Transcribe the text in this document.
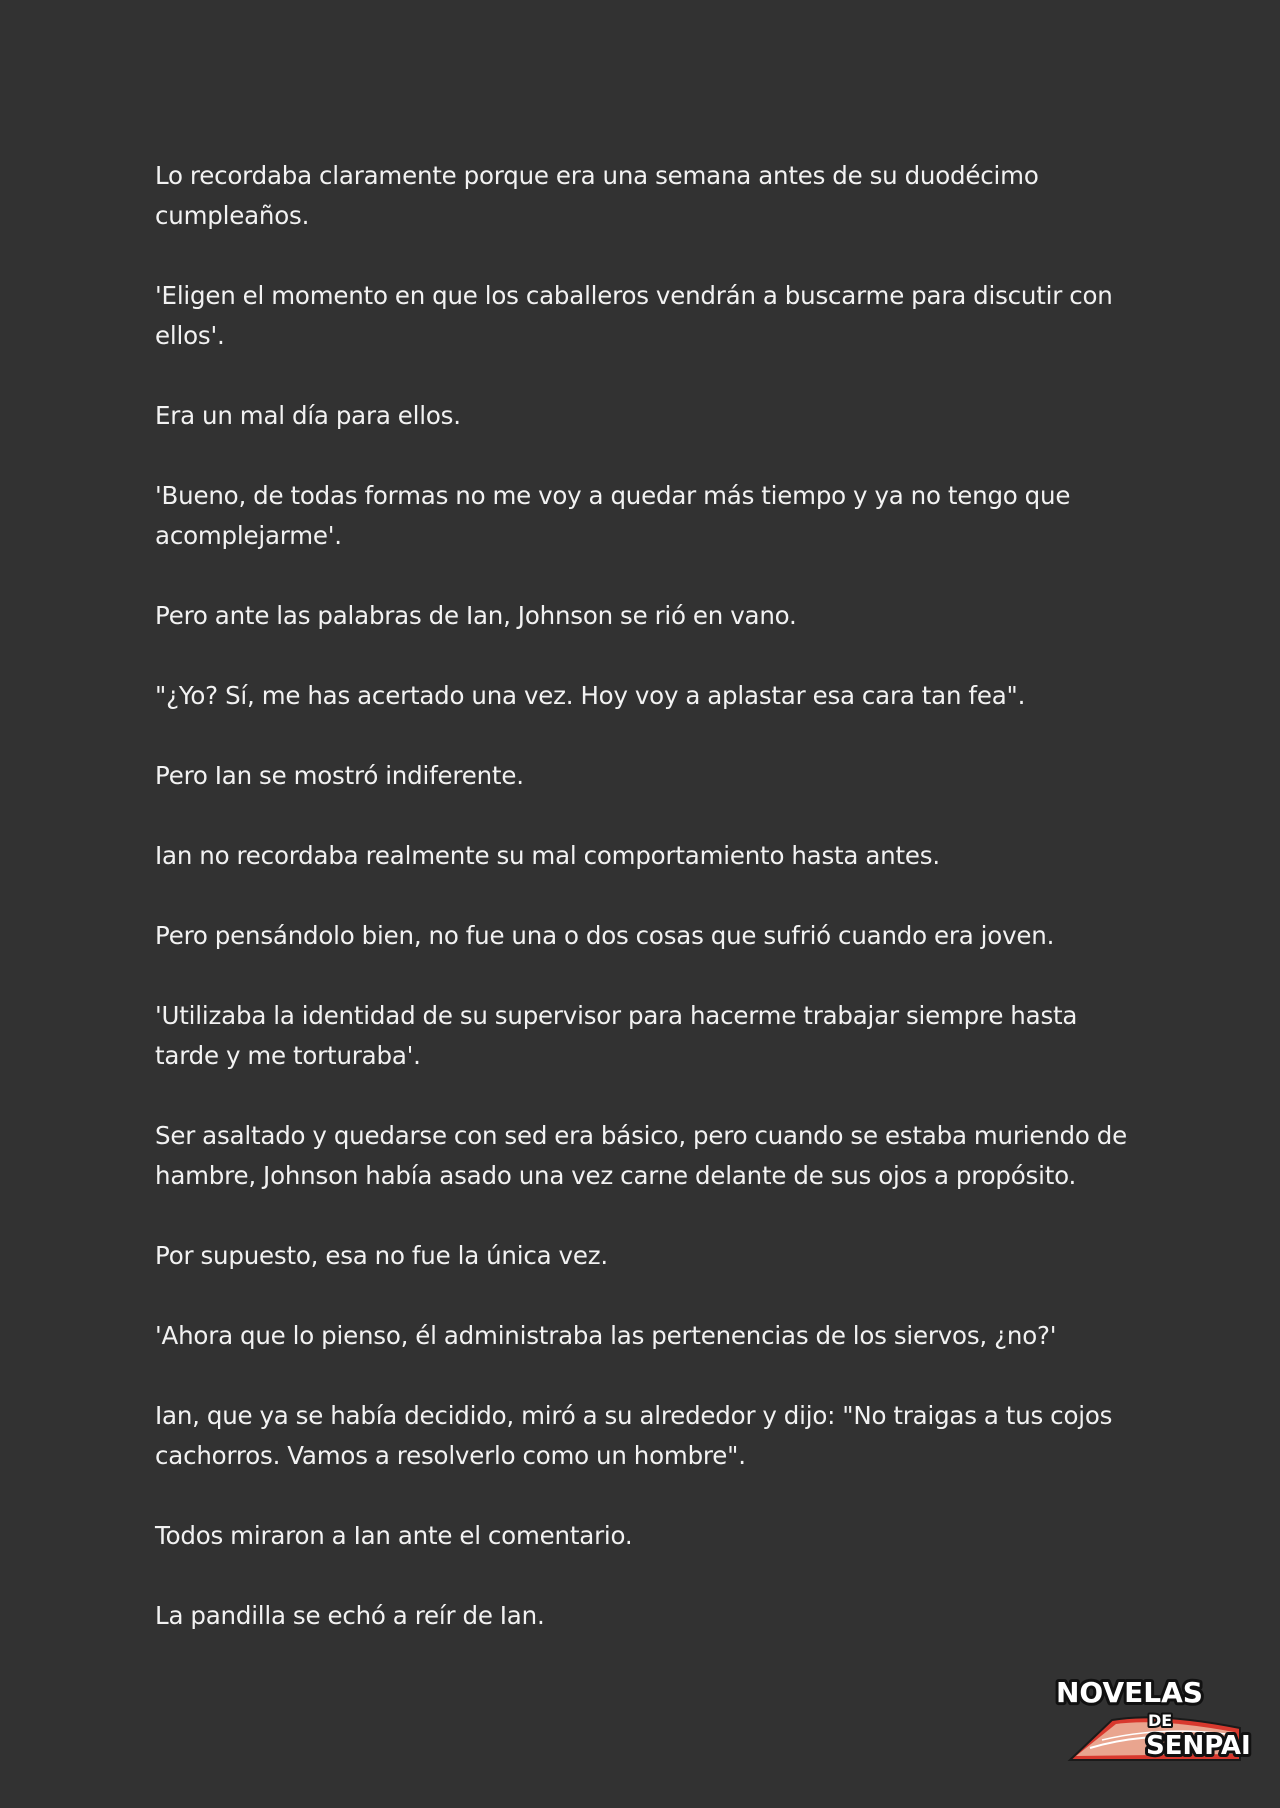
Lo recordaba claramente porque era una semana antes de su duodécimo cumpleaños.

'Eligen el momento en que los caballeros vendrán a buscarme para discutir con ellos'.

Era un mal día para ellos.

'Bueno, de todas formas no me voy a quedar más tiempo y ya no tengo que acomplejarme'.

Pero ante las palabras de Ian, Johnson se rió en vano.

"¿Yo? Sí, me has acertado una vez. Hoy voy a aplastar esa cara tan fea".

Pero Ian se mostró indiferente.

Ian no recordaba realmente su mal comportamiento hasta antes.

Pero pensándolo bien, no fue una o dos cosas que sufrió cuando era joven.

'Utilizaba la identidad de su supervisor para hacerme trabajar siempre hasta tarde y me torturaba'.

Ser asaltado y quedarse con sed era básico, pero cuando se estaba muriendo de hambre, Johnson había asado una vez carne delante de sus ojos a propósito.

Por supuesto, esa no fue la única vez.

'Ahora que lo pienso, él administraba las pertenencias de los siervos, ¿no?'

Ian, que ya se había decidido, miró a su alrededor y dijo: "No traigas a tus cojos cachorros. Vamos a resolverlo como un hombre".

Todos miraron a Ian ante el comentario.

La pandilla se echó a reír de Ian.

NOVELAS
DE
SENPAI
